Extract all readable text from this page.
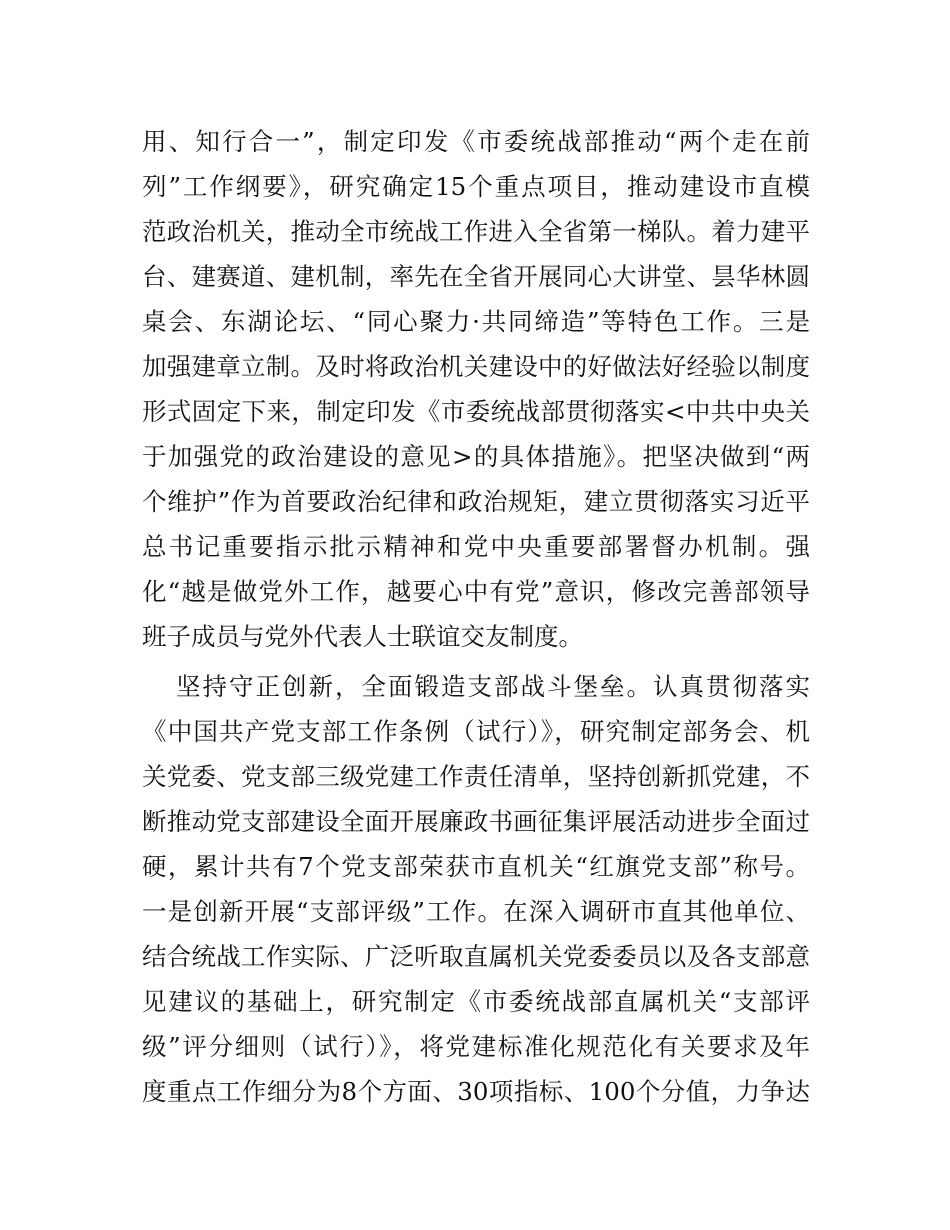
用、知行合一”，制定印发《市委统战部推动“两个走在前
列”工作纲要》，研究确定15个重点项目，推动建设市直模
范政治机关，推动全市统战工作进入全省第一梯队。着力建平
台、建赛道、建机制，率先在全省开展同心大讲堂、昙华林圆
桌会、东湖论坛、“同心聚力·共同缔造”等特色工作。三是
加强建章立制。及时将政治机关建设中的好做法好经验以制度
形式固定下来，制定印发《市委统战部贯彻落实<中共中央关
于加强党的政治建设的意见>的具体措施》。把坚决做到“两
个维护”作为首要政治纪律和政治规矩，建立贯彻落实习近平
总书记重要指示批示精神和党中央重要部署督办机制。强
化“越是做党外工作，越要心中有党”意识，修改完善部领导
班子成员与党外代表人士联谊交友制度。
坚持守正创新，全面锻造支部战斗堡垒。认真贯彻落实
《中国共产党支部工作条例（试行）》，研究制定部务会、机
关党委、党支部三级党建工作责任清单，坚持创新抓党建，不
断推动党支部建设全面开展廉政书画征集评展活动进步全面过
硬，累计共有7个党支部荣获市直机关“红旗党支部”称号。
一是创新开展“支部评级”工作。在深入调研市直其他单位、
结合统战工作实际、广泛听取直属机关党委委员以及各支部意
见建议的基础上，研究制定《市委统战部直属机关“支部评
级”评分细则（试行）》，将党建标准化规范化有关要求及年
度重点工作细分为8个方面、30项指标、100个分值，力争达
